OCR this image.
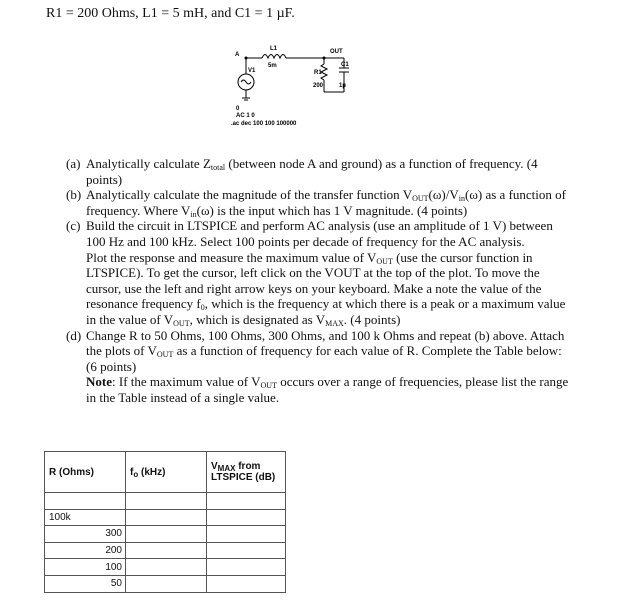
R1 = 200 Ohms, L1 = 5 mH, and C1 = 1 µF.
A
L1
5m
OUT
C1
1µ
R1
200
V1
0
AC 1 0
.ac dec 100 100 100000
(a) Analytically calculate $Z_{total}$ (between node A and ground) as a function of frequency. (4 points)

(b) Analytically calculate the magnitude of the transfer function $V_{OUT}(\omega)/V_{in}(\omega)$ as a function of frequency. Where $V_{in}(\omega)$ is the input which has 1 V magnitude. (4 points)

(c) Build the circuit in LTSPICE and perform AC analysis (use an amplitude of 1 V) between 100 Hz and 100 kHz. Select 100 points per decade of frequency for the AC analysis.

Plot the response and measure the maximum value of $V_{OUT}$ (use the cursor function in LTSPICE). To get the cursor, left click on the VOUT at the top of the plot. To move the cursor, use the left and right arrow keys on your keyboard. Make a note the value of the resonance frequency $f_0$, which is the frequency at which there is a peak or a maximum value in the value of $V_{OUT}$, which is designated as $V_{MAX}$. (4 points)

(d) Change R to 50 Ohms, 100 Ohms, 300 Ohms, and 100 k Ohms and repeat (b) above. Attach the plots of $V_{OUT}$ as a function of frequency for each value of R. Complete the Table below: (6 points)

Note: If the maximum value of $V_{OUT}$ occurs over a range of frequencies, please list the range in the Table instead of a single value.

R (Ohms)	$f_o$ (kHz)	$V_{MAX}$ from
LTSPICE (dB)

100k		
300		
200		
100		
50		
